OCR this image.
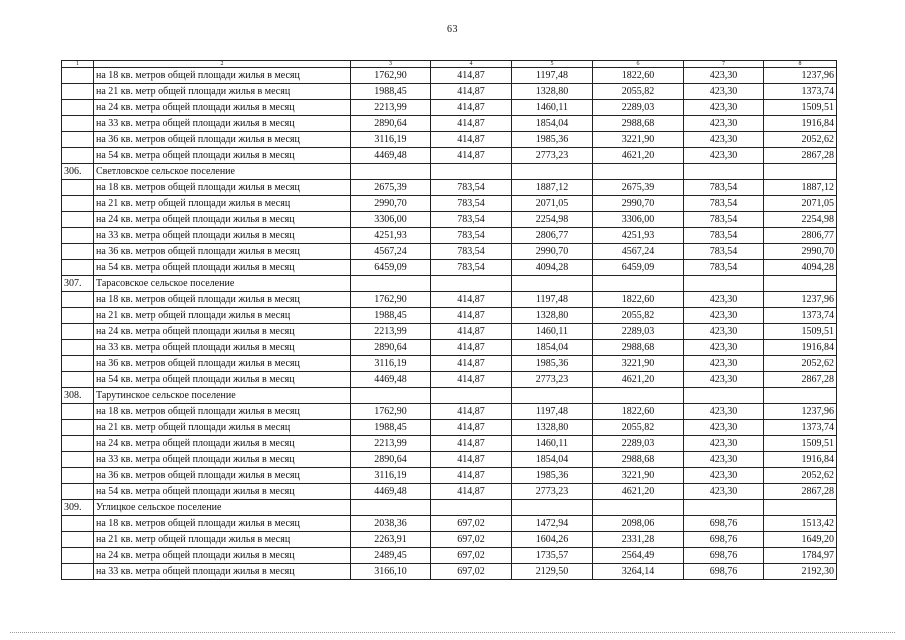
63
1	2	3	4	5	6	7	8
	на 18 кв. метров общей площади жилья в месяц	1762,90	414,87	1197,48	1822,60	423,30	1237,96
	на 21 кв. метр общей площади жилья в месяц	1988,45	414,87	1328,80	2055,82	423,30	1373,74
	на 24 кв. метра общей площади жилья в месяц	2213,99	414,87	1460,11	2289,03	423,30	1509,51
	на 33 кв. метра общей площади жилья в месяц	2890,64	414,87	1854,04	2988,68	423,30	1916,84
	на 36 кв. метров общей площади жилья в месяц	3116,19	414,87	1985,36	3221,90	423,30	2052,62
	на 54 кв. метра общей площади жилья в месяц	4469,48	414,87	2773,23	4621,20	423,30	2867,28
306.	Светловское сельское поселение						
	на 18 кв. метров общей площади жилья в месяц	2675,39	783,54	1887,12	2675,39	783,54	1887,12
	на 21 кв. метр общей площади жилья в месяц	2990,70	783,54	2071,05	2990,70	783,54	2071,05
	на 24 кв. метра общей площади жилья в месяц	3306,00	783,54	2254,98	3306,00	783,54	2254,98
	на 33 кв. метра общей площади жилья в месяц	4251,93	783,54	2806,77	4251,93	783,54	2806,77
	на 36 кв. метров общей площади жилья в месяц	4567,24	783,54	2990,70	4567,24	783,54	2990,70
	на 54 кв. метра общей площади жилья в месяц	6459,09	783,54	4094,28	6459,09	783,54	4094,28
307.	Тарасовское сельское поселение						
	на 18 кв. метров общей площади жилья в месяц	1762,90	414,87	1197,48	1822,60	423,30	1237,96
	на 21 кв. метр общей площади жилья в месяц	1988,45	414,87	1328,80	2055,82	423,30	1373,74
	на 24 кв. метра общей площади жилья в месяц	2213,99	414,87	1460,11	2289,03	423,30	1509,51
	на 33 кв. метра общей площади жилья в месяц	2890,64	414,87	1854,04	2988,68	423,30	1916,84
	на 36 кв. метров общей площади жилья в месяц	3116,19	414,87	1985,36	3221,90	423,30	2052,62
	на 54 кв. метра общей площади жилья в месяц	4469,48	414,87	2773,23	4621,20	423,30	2867,28
308.	Тарутинское сельское поселение						
	на 18 кв. метров общей площади жилья в месяц	1762,90	414,87	1197,48	1822,60	423,30	1237,96
	на 21 кв. метр общей площади жилья в месяц	1988,45	414,87	1328,80	2055,82	423,30	1373,74
	на 24 кв. метра общей площади жилья в месяц	2213,99	414,87	1460,11	2289,03	423,30	1509,51
	на 33 кв. метра общей площади жилья в месяц	2890,64	414,87	1854,04	2988,68	423,30	1916,84
	на 36 кв. метров общей площади жилья в месяц	3116,19	414,87	1985,36	3221,90	423,30	2052,62
	на 54 кв. метра общей площади жилья в месяц	4469,48	414,87	2773,23	4621,20	423,30	2867,28
309.	Углицкое сельское поселение						
	на 18 кв. метров общей площади жилья в месяц	2038,36	697,02	1472,94	2098,06	698,76	1513,42
	на 21 кв. метр общей площади жилья в месяц	2263,91	697,02	1604,26	2331,28	698,76	1649,20
	на 24 кв. метра общей площади жилья в месяц	2489,45	697,02	1735,57	2564,49	698,76	1784,97
	на 33 кв. метра общей площади жилья в месяц	3166,10	697,02	2129,50	3264,14	698,76	2192,30
